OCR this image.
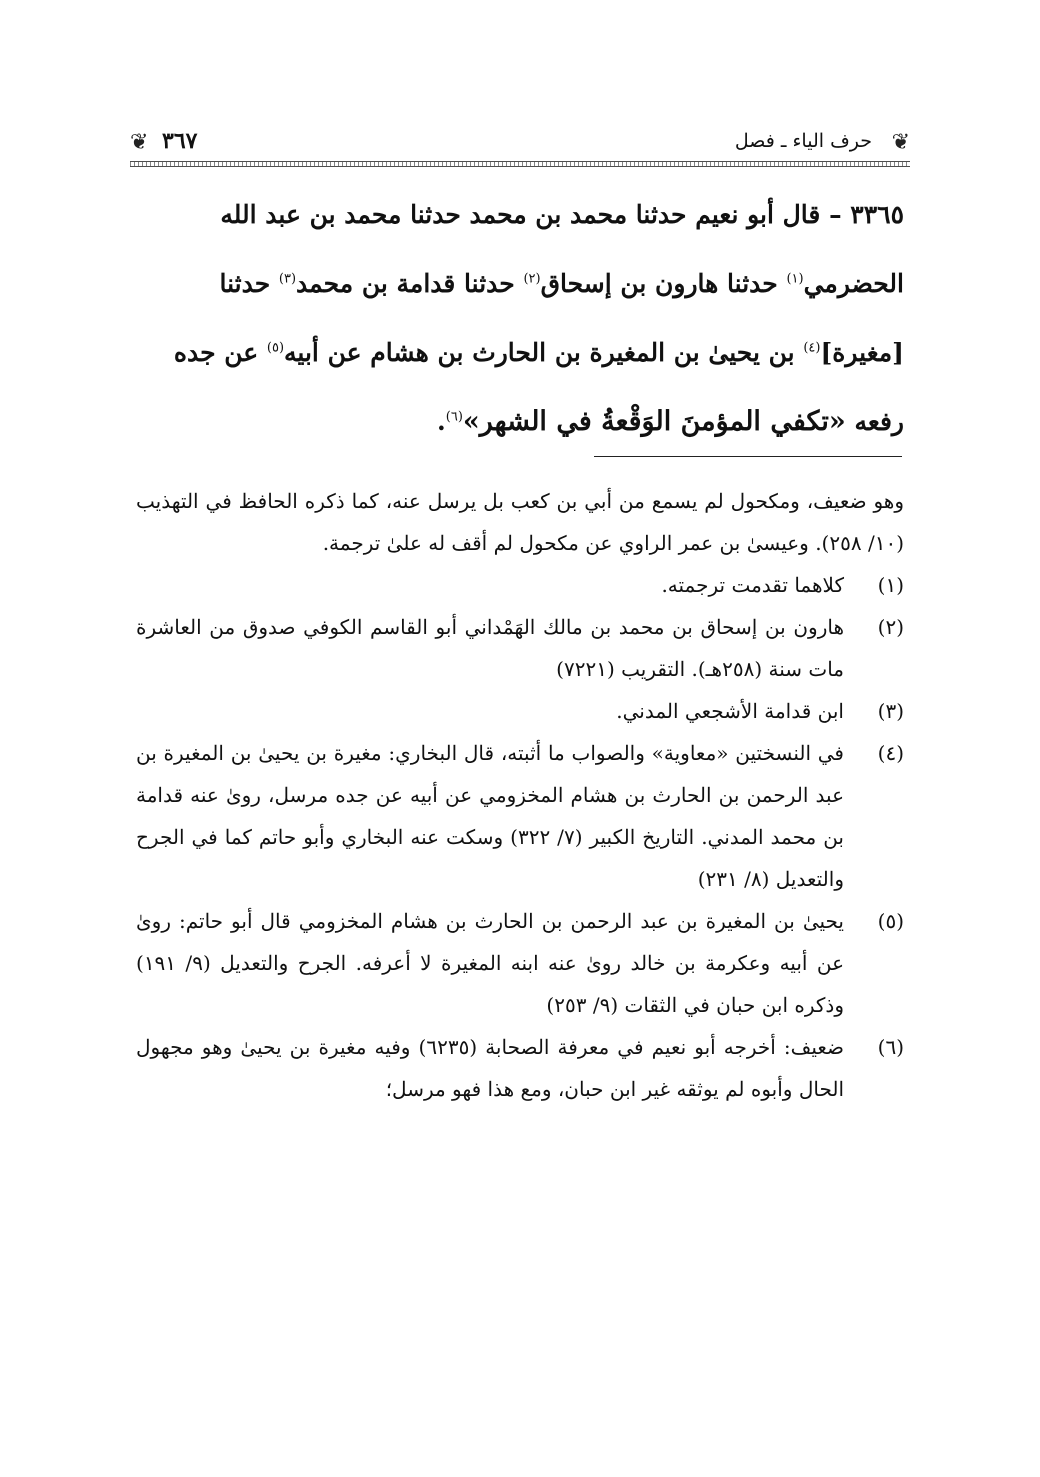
❦
حرف الياء ـ فصل
٣٦٧
❦

٣٣٦٥ – قال أبو نعيم حدثنا محمد بن محمد حدثنا محمد بن عبد الله

الحضرمي$^{(١)}$ حدثنا هارون بن إسحاق$^{(٢)}$ حدثنا قدامة بن محمد$^{(٣)}$ حدثنا

[مغيرة]$^{(٤)}$ بن يحيىٰ بن المغيرة بن الحارث بن هشام عن أبيه$^{(٥)}$ عن جده

رفعه «تكفي المؤمنَ الوَقْعةُ في الشهر»$^{(٦)}$.

وهو ضعيف، ومكحول لم يسمع من أبي بن كعب بل يرسل عنه، كما ذكره الحافظ في التهذيب (١٠/ ٢٥٨). وعيسىٰ بن عمر الراوي عن مكحول لم أقف له علىٰ ترجمة.

(١)
كلاهما تقدمت ترجمته.
(٢)
هارون بن إسحاق بن محمد بن مالك الهَمْداني أبو القاسم الكوفي صدوق من العاشرة مات سنة (٢٥٨هـ). التقريب (٧٢٢١)
(٣)
ابن قدامة الأشجعي المدني.
(٤)
في النسختين «معاوية» والصواب ما أثبته، قال البخاري: مغيرة بن يحيىٰ بن المغيرة بن عبد الرحمن بن الحارث بن هشام المخزومي عن أبيه عن جده مرسل، روىٰ عنه قدامة بن محمد المدني. التاريخ الكبير (٧/ ٣٢٢) وسكت عنه البخاري وأبو حاتم كما في الجرح والتعديل (٨/ ٢٣١)
(٥)
يحيىٰ بن المغيرة بن عبد الرحمن بن الحارث بن هشام المخزومي قال أبو حاتم: روىٰ عن أبيه وعكرمة بن خالد روىٰ عنه ابنه المغيرة لا أعرفه. الجرح والتعديل (٩/ ١٩١) وذكره ابن حبان في الثقات (٩/ ٢٥٣)
(٦)
ضعيف: أخرجه أبو نعيم في معرفة الصحابة (٦٢٣٥) وفيه مغيرة بن يحيىٰ وهو مجهول الحال وأبوه لم يوثقه غير ابن حبان، ومع هذا فهو مرسل؛
